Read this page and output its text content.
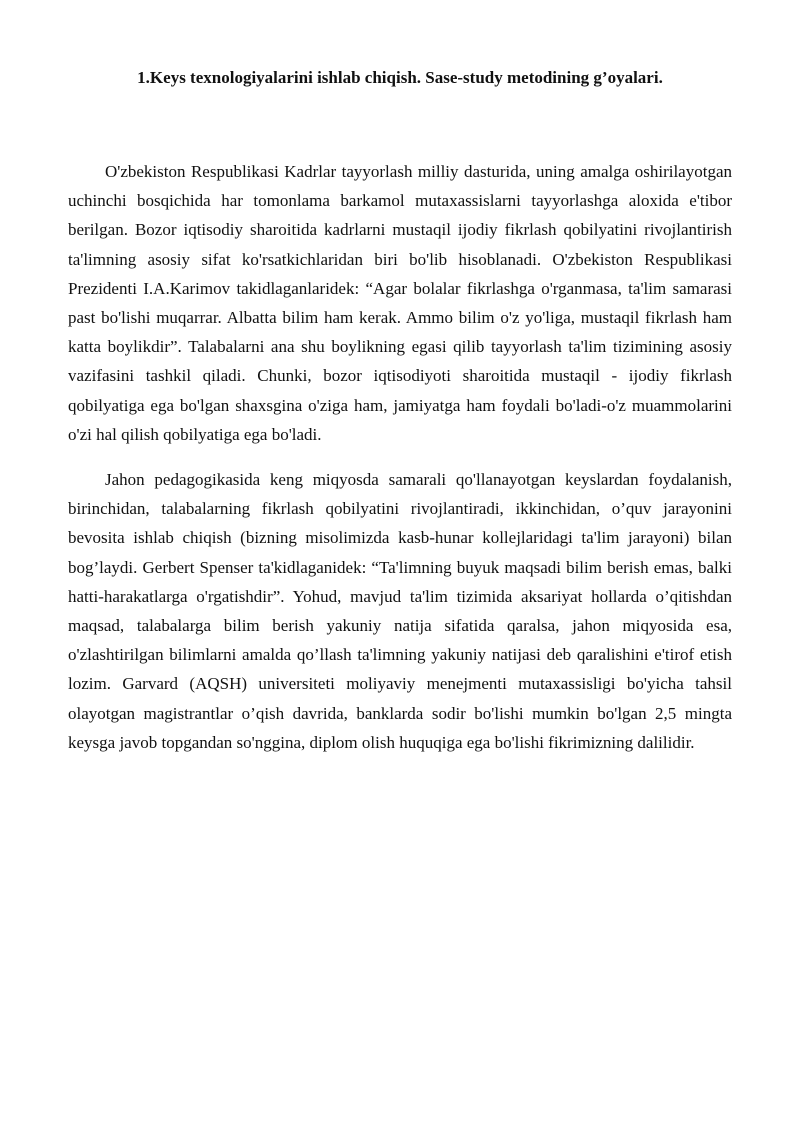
1.Keys texnologiyalarini ishlab chiqish. Sase-study metodining g’oyalari.

O'zbekiston Respublikasi Kadrlar tayyorlash milliy dasturida, uning amalga oshirilayotgan uchinchi bosqichida har tomonlama barkamol mutaxassislarni tayyorlashga aloxida e'tibor berilgan. Bozor iqtisodiy sharoitida kadrlarni mustaqil ijodiy fikrlash qobilyatini rivojlantirish ta'limning asosiy sifat ko'rsatkichlaridan biri bo'lib hisoblanadi. O'zbekiston Respublikasi Prezidenti I.A.Karimov takidlaganlaridek: “Agar bolalar fikrlashga o'rganmasa, ta'lim samarasi past bo'lishi muqarrar. Albatta bilim ham kerak. Ammo bilim o'z yo'liga, mustaqil fikrlash ham katta boylikdir”. Talabalarni ana shu boylikning egasi qilib tayyorlash ta'lim tizimining asosiy vazifasini tashkil qiladi. Chunki, bozor iqtisodiyoti sharoitida mustaqil - ijodiy fikrlash qobilyatiga ega bo'lgan shaxsgina o'ziga ham, jamiyatga ham foydali bo'ladi-o'z muammolarini o'zi hal qilish qobilyatiga ega bo'ladi.

Jahon pedagogikasida keng miqyosda samarali qo'llanayotgan keyslardan foydalanish, birinchidan, talabalarning fikrlash qobilyatini rivojlantiradi, ikkinchidan, o’quv jarayonini bevosita ishlab chiqish (bizning misolimizda kasb-hunar kollejlaridagi ta'lim jarayoni) bilan bog’laydi. Gerbert Spenser ta'kidlaganidek: “Ta'limning buyuk maqsadi bilim berish emas, balki hatti-harakatlarga o'rgatishdir”. Yohud, mavjud ta'lim tizimida aksariyat hollarda o’qitishdan maqsad, talabalarga bilim berish yakuniy natija sifatida qaralsa, jahon miqyosida esa, o'zlashtirilgan bilimlarni amalda qo’llash ta'limning yakuniy natijasi deb qaralishini e'tirof etish lozim. Garvard (AQSH) universiteti moliyaviy menejmenti mutaxassisligi bo'yicha tahsil olayotgan magistrantlar o’qish davrida, banklarda sodir bo'lishi mumkin bo'lgan 2,5 mingta keysga javob topgandan so'nggina, diplom olish huquqiga ega bo'lishi fikrimizning dalilidir.
